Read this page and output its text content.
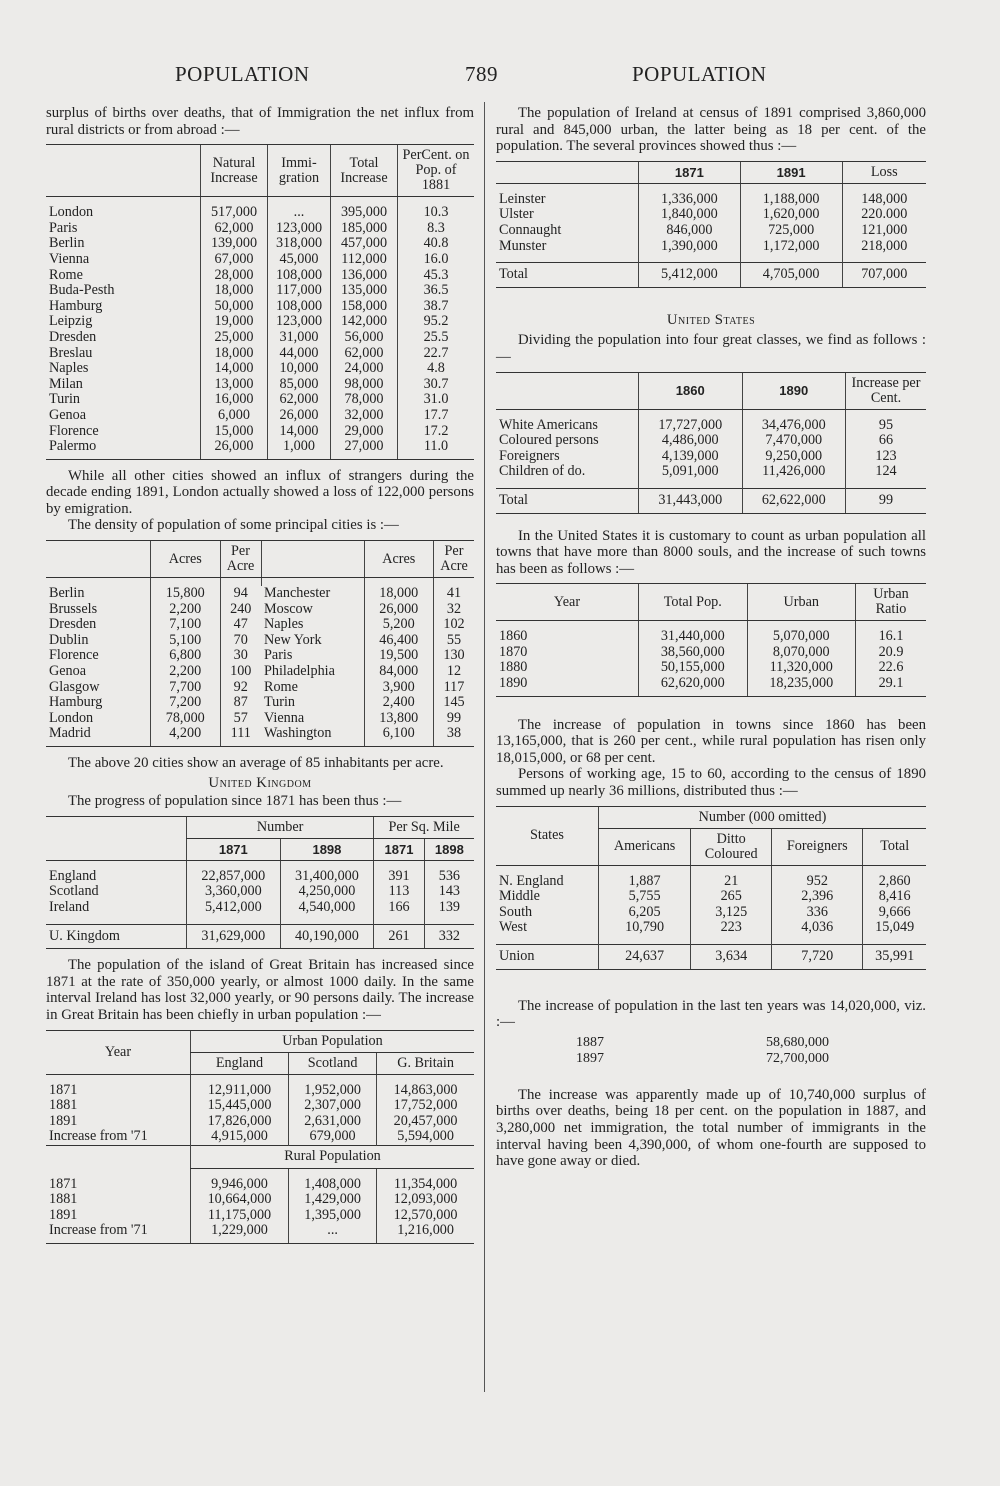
POPULATION	789	POPULATION

surplus of births over deaths, that of Immigration the net influx from rural districts or from abroad :—

	Natural Increase	Immi-gration	Total Increase	PerCent. on Pop. of 1881

London	517,000	...	395,000	10.3
Paris	62,000	123,000	185,000	8.3
Berlin	139,000	318,000	457,000	40.8
Vienna	67,000	45,000	112,000	16.0
Rome	28,000	108,000	136,000	45.3
Buda-Pesth	18,000	117,000	135,000	36.5
Hamburg	50,000	108,000	158,000	38.7
Leipzig	19,000	123,000	142,000	95.2
Dresden	25,000	31,000	56,000	25.5
Breslau	18,000	44,000	62,000	22.7
Naples	14,000	10,000	24,000	4.8
Milan	13,000	85,000	98,000	30.7
Turin	16,000	62,000	78,000	31.0
Genoa	6,000	26,000	32,000	17.7
Florence	15,000	14,000	29,000	17.2
Palermo	26,000	1,000	27,000	11.0

While all other cities showed an influx of strangers during the decade ending 1891, London actually showed a loss of 122,000 persons by emigration.

The density of population of some principal cities is :—

	Acres	Per Acre		Acres	Per Acre

Berlin	15,800	94	Manchester	18,000	41
Brussels	2,200	240	Moscow	26,000	32
Dresden	7,100	47	Naples	5,200	102
Dublin	5,100	70	New York	46,400	55
Florence	6,800	30	Paris	19,500	130
Genoa	2,200	100	Philadelphia	84,000	12
Glasgow	7,700	92	Rome	3,900	117
Hamburg	7,200	87	Turin	2,400	145
London	78,000	57	Vienna	13,800	99
Madrid	4,200	111	Washington	6,100	38

The above 20 cities show an average of 85 inhabitants per acre.

United Kingdom

The progress of population since 1871 has been thus :—

	Number		Per Sq. Mile	
	1871	1898	1871	1898

England	22,857,000	31,400,000	391	536
Scotland	3,360,000	4,250,000	113	143
Ireland	5,412,000	4,540,000	166	139

U. Kingdom	31,629,000	40,190,000	261	332

The population of the island of Great Britain has increased since 1871 at the rate of 350,000 yearly, or almost 1000 daily. In the same interval Ireland has lost 32,000 yearly, or 90 persons daily. The increase in Great Britain has been chiefly in urban population :—

Year	Urban Population		
	England	Scotland	G. Britain

1871	12,911,000	1,952,000	14,863,000
1881	15,445,000	2,307,000	17,752,000
1891	17,826,000	2,631,000	20,457,000
Increase from '71	4,915,000	679,000	5,594,000
	Rural Population		

1871	9,946,000	1,408,000	11,354,000
1881	10,664,000	1,429,000	12,093,000
1891	11,175,000	1,395,000	12,570,000
Increase from '71	1,229,000	...	1,216,000

The population of Ireland at census of 1891 comprised 3,860,000 rural and 845,000 urban, the latter being as 18 per cent. of the population. The several provinces showed thus :—

	1871	1891	Loss

Leinster	1,336,000	1,188,000	148,000
Ulster	1,840,000	1,620,000	220.000
Connaught	846,000	725,000	121,000
Munster	1,390,000	1,172,000	218,000

Total	5,412,000	4,705,000	707,000
United States

Dividing the population into four great classes, we find as follows :—

	1860	1890	Increase per Cent.

White Americans	17,727,000	34,476,000	95
Coloured persons	4,486,000	7,470,000	66
Foreigners	4,139,000	9,250,000	123
Children of do.	5,091,000	11,426,000	124

Total	31,443,000	62,622,000	99

In the United States it is customary to count as urban population all towns that have more than 8000 souls, and the increase of such towns has been as follows :—

Year	Total Pop.	Urban	Urban Ratio

1860	31,440,000	5,070,000	16.1
1870	38,560,000	8,070,000	20.9
1880	50,155,000	11,320,000	22.6
1890	62,620,000	18,235,000	29.1

The increase of population in towns since 1860 has been 13,165,000, that is 260 per cent., while rural population has risen only 18,015,000, or 68 per cent.

Persons of working age, 15 to 60, according to the census of 1890 summed up nearly 36 millions, distributed thus :—

States	Number (000 omitted)			
	Americans	Ditto Coloured	Foreigners	Total

N. England	1,887	21	952	2,860
Middle	5,755	265	2,396	8,416
South	6,205	3,125	336	9,666
West	10,790	223	4,036	15,049

Union	24,637	3,634	7,720	35,991

The increase of population in the last ten years was 14,020,000, viz. :—

1887	58,680,000
1897	72,700,000

The increase was apparently made up of 10,740,000 surplus of births over deaths, being 18 per cent. on the population in 1887, and 3,280,000 net immigration, the total number of immigrants in the interval having been 4,390,000, of whom one-fourth are supposed to have gone away or died.
